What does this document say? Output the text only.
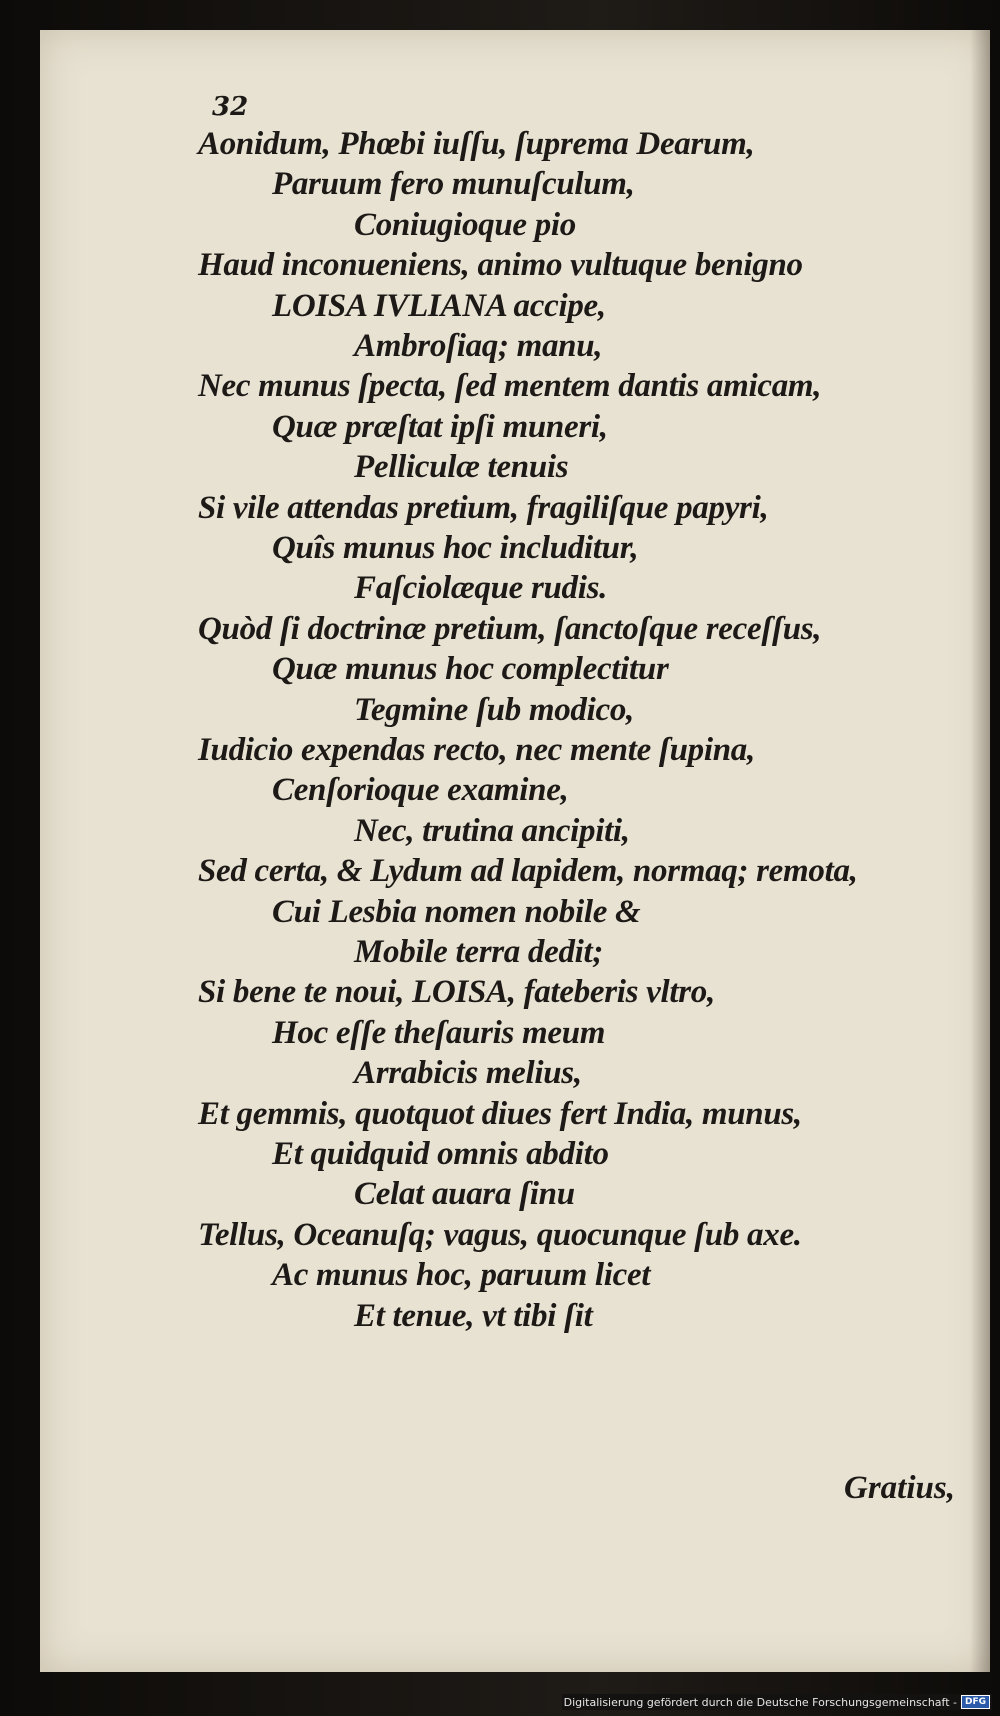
32
Aonidum, Phœbi iuſſu, ſuprema Dearum,
Paruum fero munuſculum,
Coniugioque pio
Haud inconueniens, animo vultuque benigno
LOISA IVLIANA accipe,
Ambroſiaq; manu,
Nec munus ſpecta, ſed mentem dantis amicam,
Quæ præſtat ipſi muneri,
Pelliculæ tenuis
Si vile attendas pretium, fragiliſque papyri,
Quîs munus hoc includitur,
Faſciolæque rudis.
Quòd ſi doctrinæ pretium, ſanctoſque receſſus,
Quæ munus hoc complectitur
Tegmine ſub modico,
Iudicio expendas recto, nec mente ſupina,
Cenſorioque examine,
Nec, trutina ancipiti,
Sed certa, & Lydum ad lapidem, normaq; remota,
Cui Lesbia nomen nobile &
Mobile terra dedit;
Si bene te noui, LOISA, fateberis vltro,
Hoc eſſe theſauris meum
Arrabicis melius,
Et gemmis, quotquot diues fert India, munus,
Et quidquid omnis abdito
Celat auara ſinu
Tellus, Oceanuſq; vagus, quocunque ſub axe.
Ac munus hoc, paruum licet
Et tenue, vt tibi ſit
Gratius,
Digitalisierung gefördert durch die Deutsche Forschungsgemeinschaft - DFG
